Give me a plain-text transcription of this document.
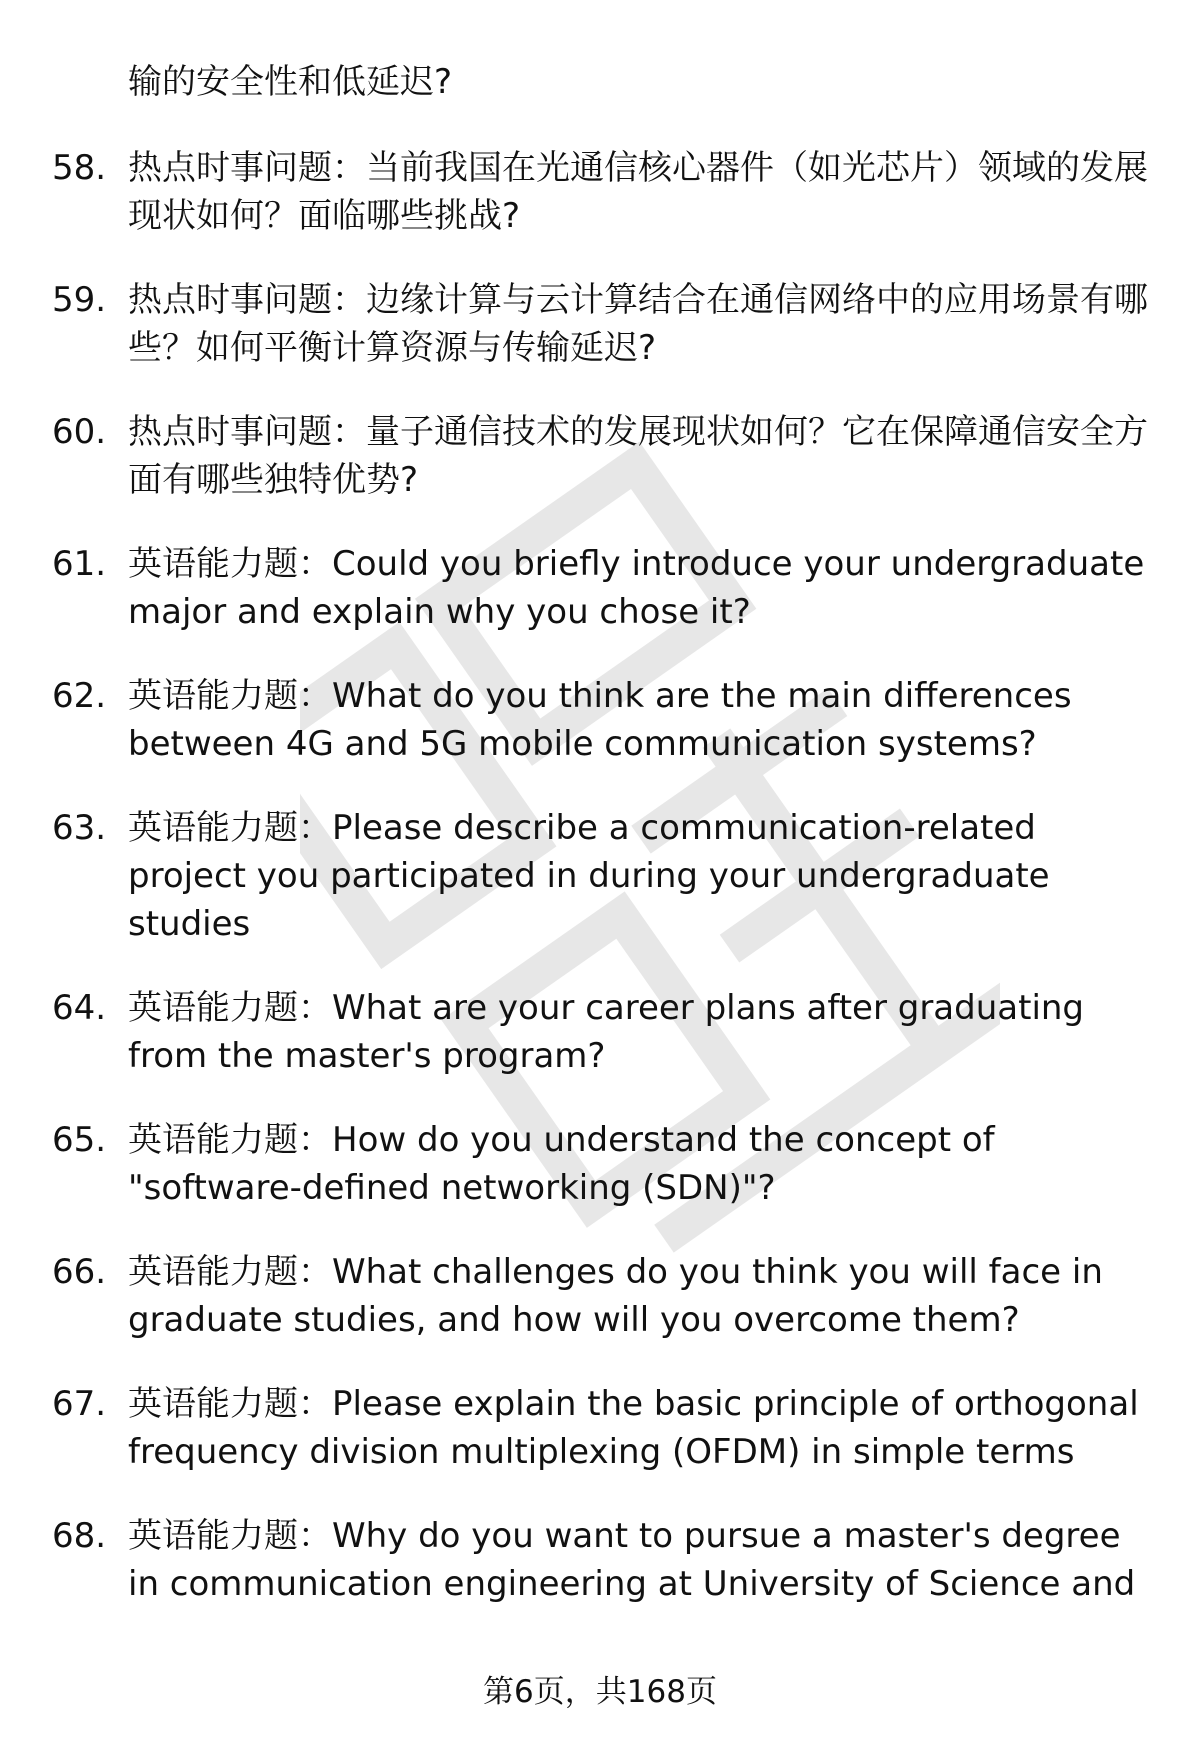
输的安全性和低延迟?
58. 热点时事问题：当前我国在光通信核心器件（如光芯片）领域的发展现状如何？面临哪些挑战?
59. 热点时事问题：边缘计算与云计算结合在通信网络中的应用场景有哪些？如何平衡计算资源与传输延迟?
60. 热点时事问题：量子通信技术的发展现状如何？它在保障通信安全方面有哪些独特优势?
61. 英语能力题：Could you briefly introduce your undergraduate major and explain why you chose it?
62. 英语能力题：What do you think are the main differences between 4G and 5G mobile communication systems?
63. 英语能力题：Please describe a communication-related project you participated in during your undergraduate studies
64. 英语能力题：What are your career plans after graduating from the master's program?
65. 英语能力题：How do you understand the concept of "software-defined networking (SDN)"?
66. 英语能力题：What challenges do you think you will face in graduate studies, and how will you overcome them?
67. 英语能力题：Please explain the basic principle of orthogonal frequency division multiplexing (OFDM) in simple terms
68. 英语能力题：Why do you want to pursue a master's degree in communication engineering at University of Science and
第6页，共168页
